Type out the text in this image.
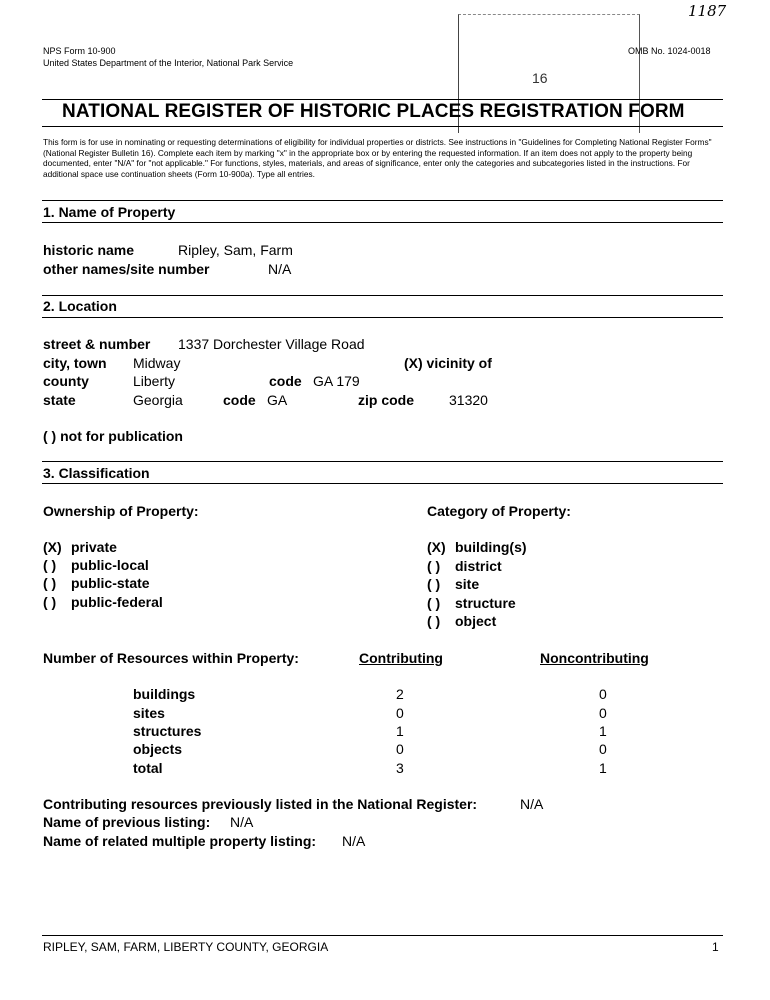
1187
16
NPS Form 10-900
United States Department of the Interior, National Park Service
OMB No. 1024-0018
NATIONAL REGISTER OF HISTORIC PLACES REGISTRATION FORM
This form is for use in nominating or requesting determinations of eligibility for individual properties or districts. See instructions in "Guidelines for Completing National Register Forms" (National Register Bulletin 16). Complete each item by marking "x" in the appropriate box or by entering the requested information. If an item does not apply to the property being documented, enter "N/A" for "not applicable." For functions, styles, materials, and areas of significance, enter only the categories and subcategories listed in the instructions. For additional space use continuation sheets (Form 10-900a). Type all entries.
1. Name of Property
historic name	Ripley, Sam, Farm
other names/site number	N/A
2. Location
street & number 1337 Dorchester Village Road
city, town Midway	(X) vicinity of
county	Liberty	code GA 179
state	Georgia	code GA	zip code 31320
( ) not for publication
3. Classification
Ownership of Property:	Category of Property:
(X) private
( ) public-local
( ) public-state
( ) public-federal
(X) building(s)
( ) district
( ) site
( ) structure
( ) object
Number of Resources within Property:	Contributing	Noncontributing
buildings	2	0
sites	0	0
structures	1	1
objects	0	0
total	3	1
Contributing resources previously listed in the National Register:	N/A
Name of previous listing: N/A
Name of related multiple property listing: N/A
RIPLEY, SAM, FARM, LIBERTY COUNTY, GEORGIA	1
